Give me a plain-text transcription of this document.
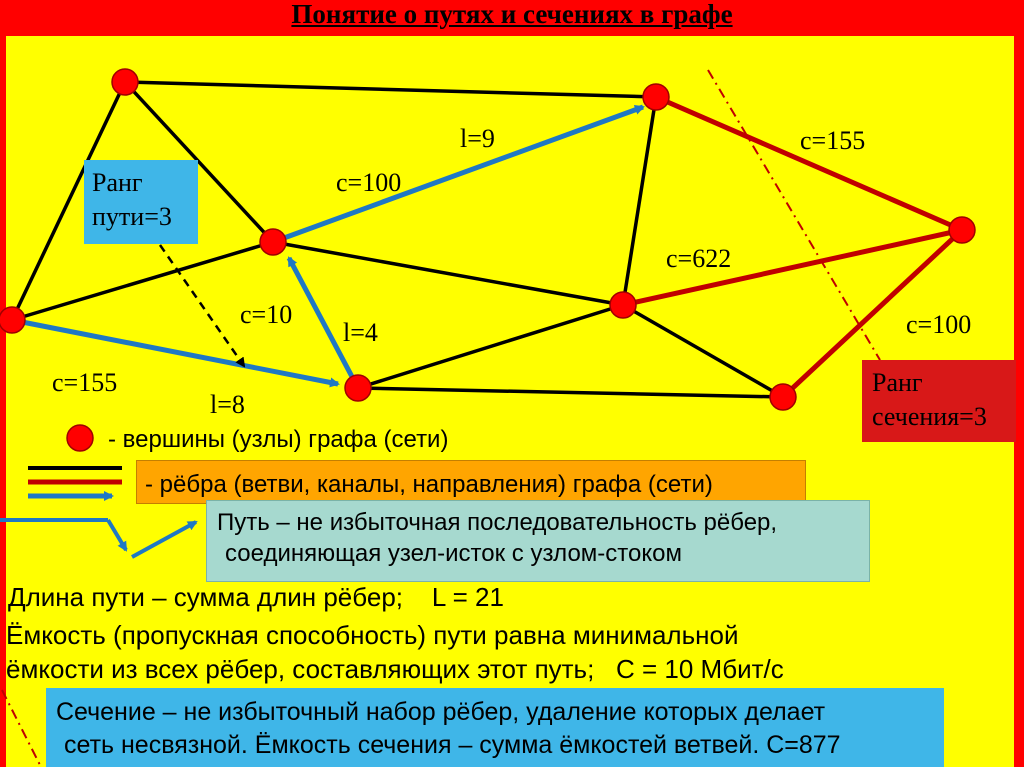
Понятие о путях и сечениях в графе
l=9	c=155
c=100
c=622
c=10
l=4	c=100
c=155
l=8
Ранг
пути=3
Ранг
сечения=3
- вершины (узлы) графа (сети)
- рёбра (ветви, каналы, направления) графа (сети)
Путь – не избыточная последовательность рёбер,
соединяющая узел-исток с узлом-стоком
Длина пути – сумма длин рёбер;    L = 21
Ёмкость (пропускная способность) пути равна минимальной
ёмкости из всех рёбер, составляющих этот путь;   C = 10 Мбит/с
Сечение – не избыточный набор рёбер, удаление которых делает
сеть несвязной. Ёмкость сечения – сумма ёмкостей ветвей. C=877
